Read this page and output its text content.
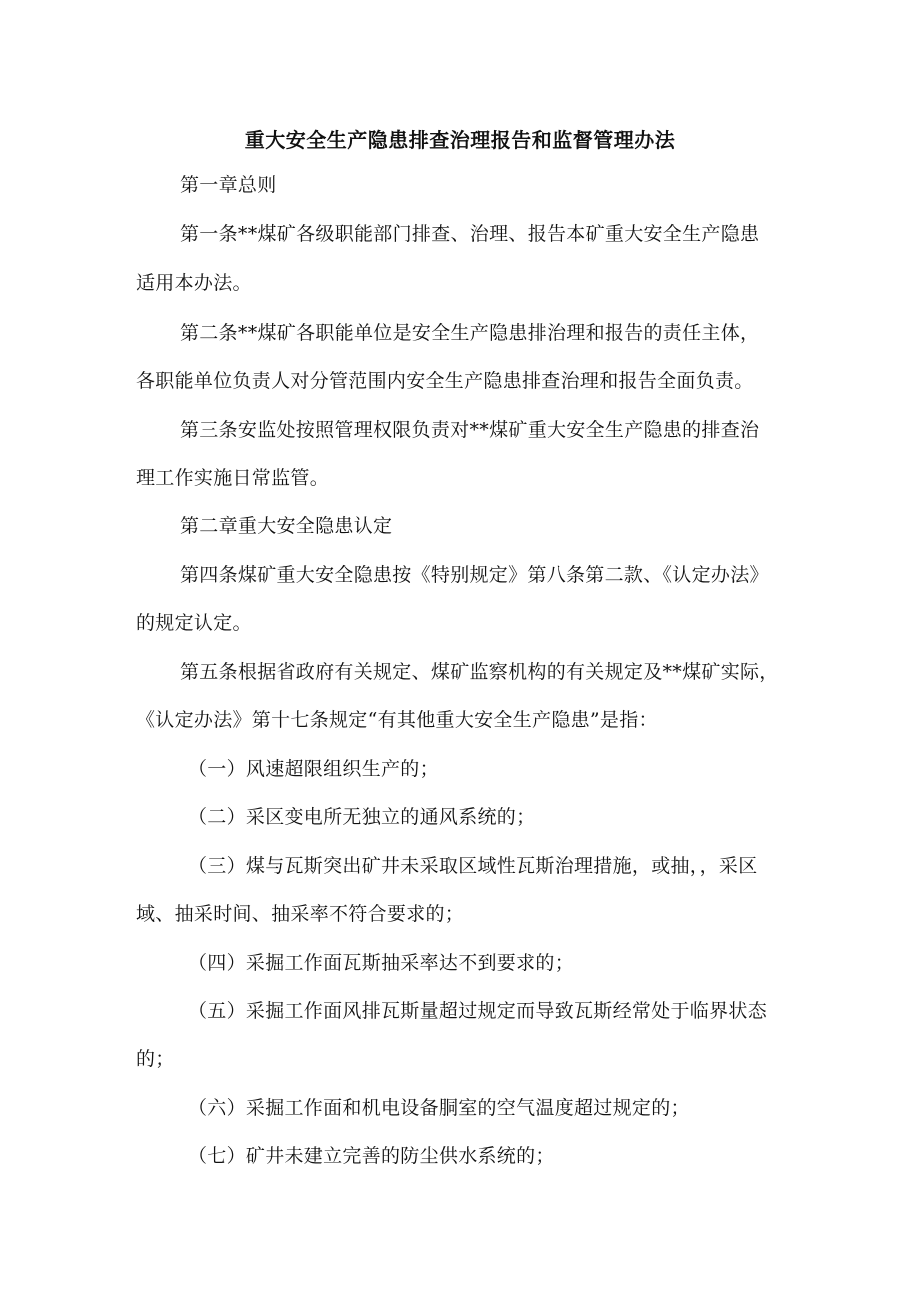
重大安全生产隐患排查治理报告和监督管理办法
第一章总则
第一条**煤矿各级职能部门排查、治理、报告本矿重大安全生产隐患
适用本办法。
第二条**煤矿各职能单位是安全生产隐患排治理和报告的责任主体，
各职能单位负责人对分管范围内安全生产隐患排查治理和报告全面负责。
第三条安监处按照管理权限负责对**煤矿重大安全生产隐患的排查治
理工作实施日常监管。
第二章重大安全隐患认定
第四条煤矿重大安全隐患按《特别规定》第八条第二款、《认定办法》
的规定认定。
第五条根据省政府有关规定、煤矿监察机构的有关规定及**煤矿实际，
《认定办法》第十七条规定“有其他重大安全生产隐患”是指：
（一）风速超限组织生产的；
（二）采区变电所无独立的通风系统的；
（三）煤与瓦斯突出矿井未采取区域性瓦斯治理措施，或抽，，采区
域、抽采时间、抽采率不符合要求的；
（四）采掘工作面瓦斯抽采率达不到要求的；
（五）采掘工作面风排瓦斯量超过规定而导致瓦斯经常处于临界状态
的；
（六）采掘工作面和机电设备胴室的空气温度超过规定的；
（七）矿井未建立完善的防尘供水系统的；
